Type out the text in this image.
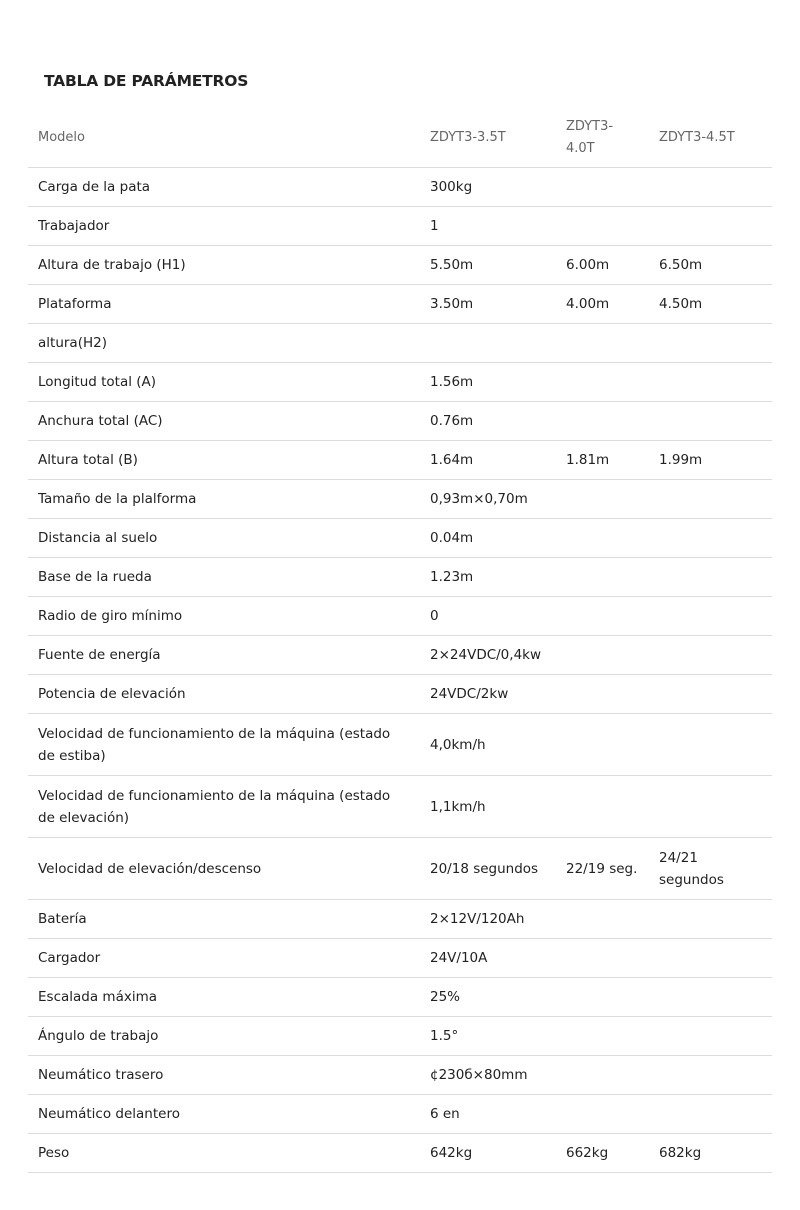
TABLA DE PARÁMETROS
Modelo	ZDYT3-3.5T	ZDYT3-4.0T	ZDYT3-4.5T
Carga de la pata	300kg		
Trabajador	1		
Altura de trabajo (H1)	5.50m	6.00m	6.50m
Plataforma	3.50m	4.00m	4.50m
altura(H2)			
Longitud total (A)	1.56m		
Anchura total (AC)	0.76m		
Altura total (B)	1.64m	1.81m	1.99m
Tamaño de la plalforma	0,93m×0,70m		
Distancia al suelo	0.04m		
Base de la rueda	1.23m		
Radio de giro mínimo	0		
Fuente de energía	2×24VDC/0,4kw		
Potencia de elevación	24VDC/2kw		
Velocidad de funcionamiento de la máquina (estado de estiba)	4,0km/h		
Velocidad de funcionamiento de la máquina (estado de elevación)	1,1km/h		
Velocidad de elevación/descenso	20/18 segundos	22/19 seg.	24/21 segundos
Batería	2×12V/120Ah		
Cargador	24V/10A		
Escalada máxima	25%		
Ángulo de trabajo	1.5°		
Neumático trasero	¢230б×80mm		
Neumático delantero	6 en		
Peso	642kg	662kg	682kg
